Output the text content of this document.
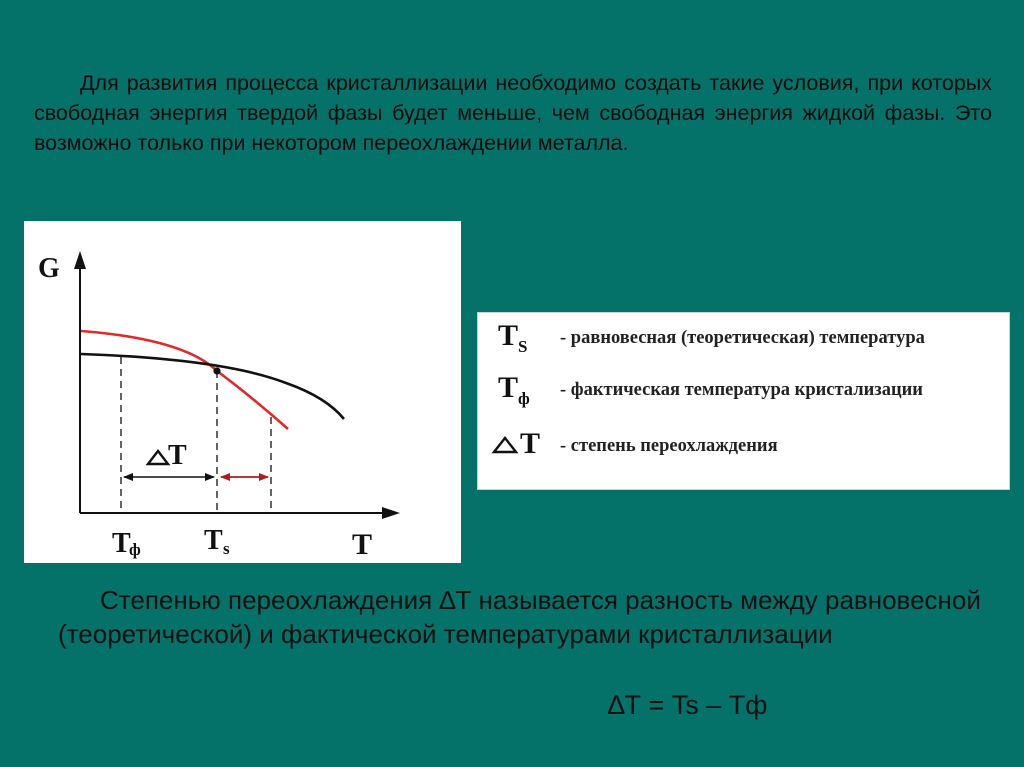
Для развития процесса кристаллизации необходимо создать такие условия, при которых свободная энергия твердой фазы будет меньше, чем свободная энергия жидкой фазы. Это возможно только при некотором переохлаждении металла.

G
T
Т
ф Т s
Т
$Т_S$ - равновесная (теоретическая) температура
$Т_ф$ - фактическая температура кристализации
Т - степень переохлаждения

Степенью переохлаждения ∆Т называется разность между равновесной (теоретической) и фактической температурами кристаллизации

∆Т = Ts – Тф
